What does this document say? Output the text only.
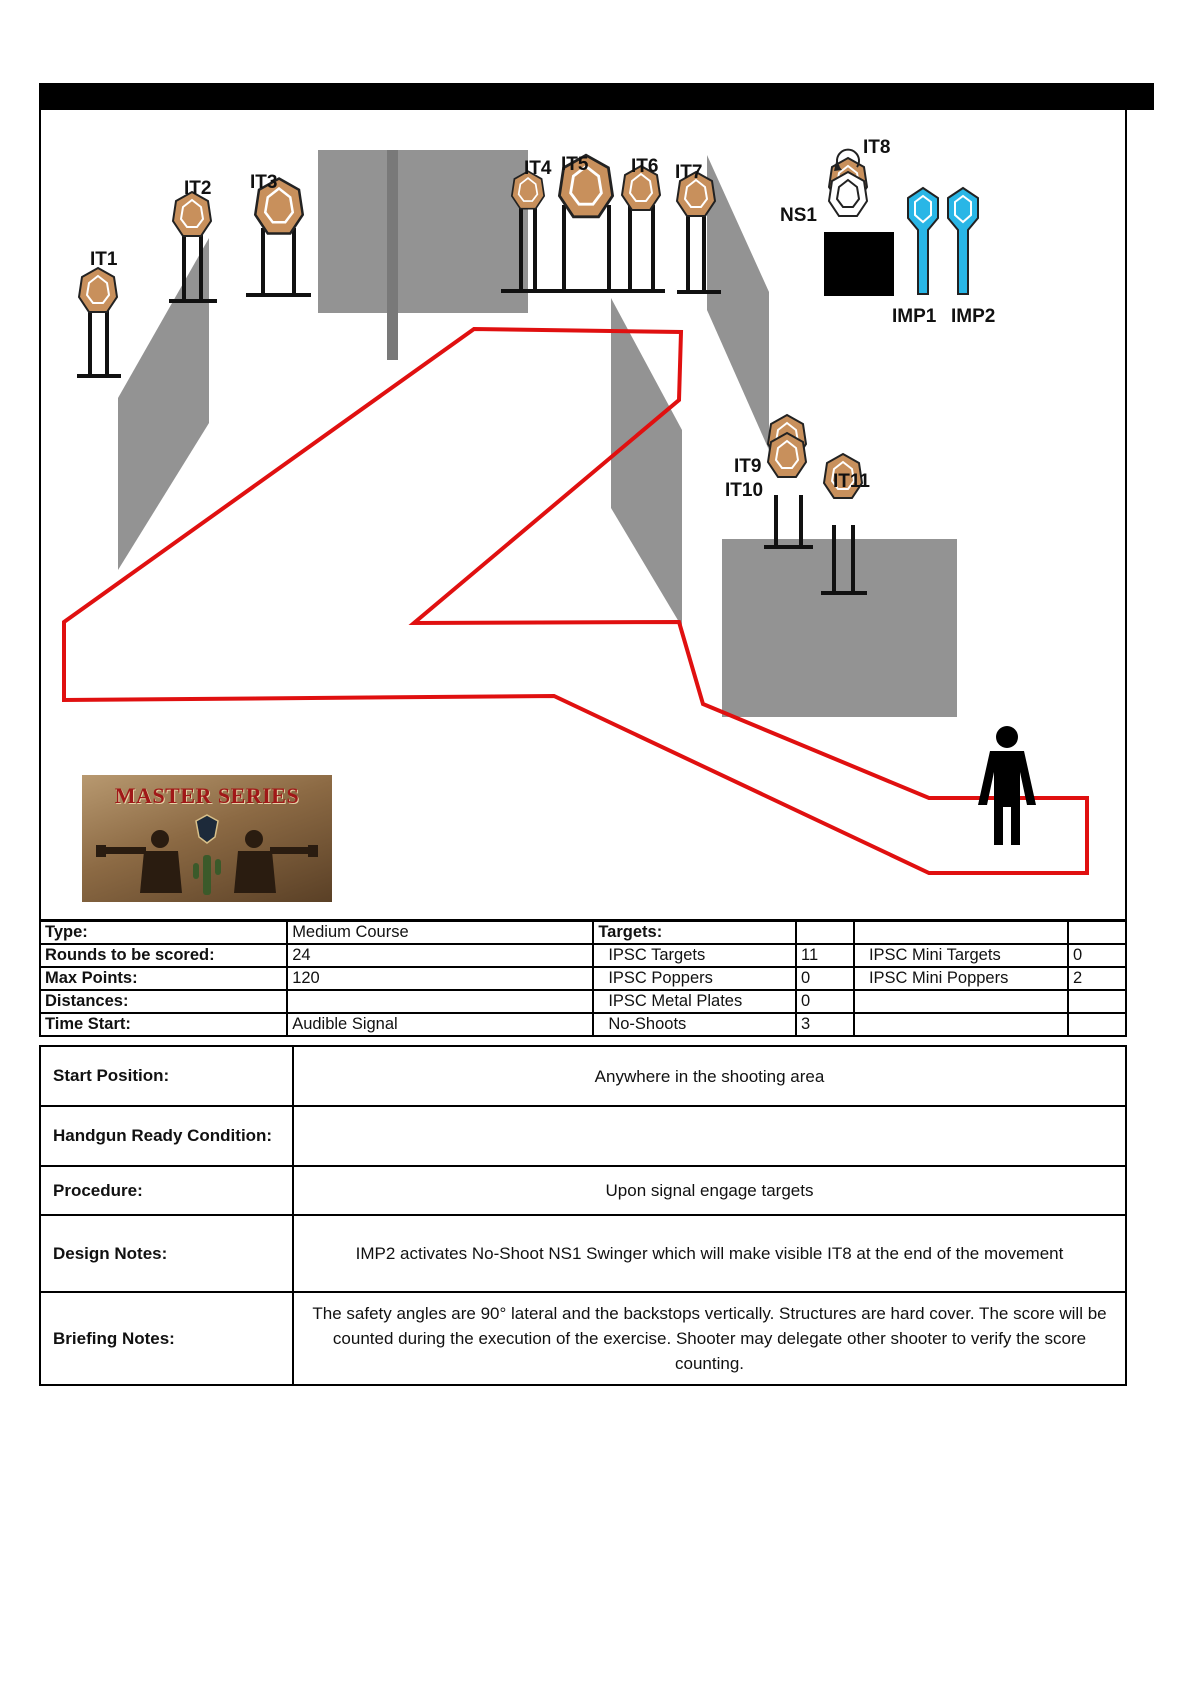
IT1
IT2 IT3
IT4 IT5 IT6 IT7
IT8
NS1
IMP1 IMP2
IT9
IT10	IT11
MASTER SERIES
Type:	Medium Course	Targets:			
Rounds to be scored:	24	IPSC Targets	11	IPSC Mini Targets	0
Max Points:	120	IPSC Poppers	0	IPSC Mini Poppers	2
Distances:		IPSC Metal Plates	0		
Time Start:	Audible Signal	No-Shoots	3		
Start Position:	Anywhere in the shooting area
Handgun Ready Condition:	
Procedure:	Upon signal engage targets
Design Notes:	IMP2 activates No-Shoot NS1 Swinger which will make visible IT8 at the end of the movement
Briefing Notes:	The safety angles are 90° lateral and the backstops vertically. Structures are hard cover. The score will be counted during the execution of the exercise. Shooter may delegate other shooter to verify the score counting.
